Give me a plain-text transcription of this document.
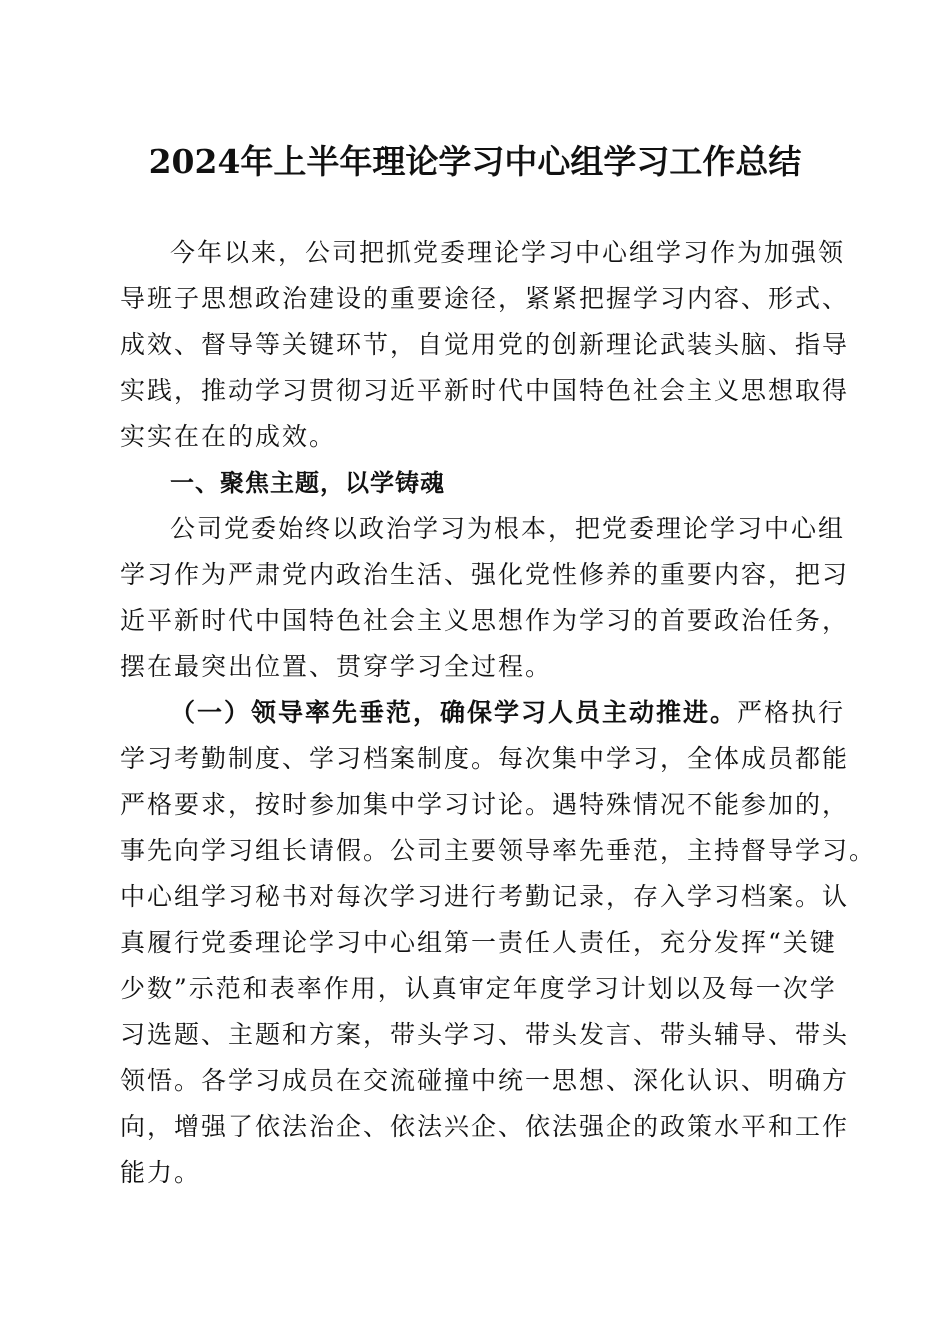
2024年上半年理论学习中心组学习工作总结
今年以来，公司把抓党委理论学习中心组学习作为加强领
导班子思想政治建设的重要途径，紧紧把握学习内容、形式、
成效、督导等关键环节，自觉用党的创新理论武装头脑、指导
实践，推动学习贯彻习近平新时代中国特色社会主义思想取得
实实在在的成效。
一、聚焦主题，以学铸魂
公司党委始终以政治学习为根本，把党委理论学习中心组
学习作为严肃党内政治生活、强化党性修养的重要内容，把习
近平新时代中国特色社会主义思想作为学习的首要政治任务，
摆在最突出位置、贯穿学习全过程。
（一）领导率先垂范，确保学习人员主动推进。严格执行
学习考勤制度、学习档案制度。每次集中学习，全体成员都能
严格要求，按时参加集中学习讨论。遇特殊情况不能参加的，
事先向学习组长请假。公司主要领导率先垂范，主持督导学习。
中心组学习秘书对每次学习进行考勤记录，存入学习档案。认
真履行党委理论学习中心组第一责任人责任，充分发挥“关键
少数”示范和表率作用，认真审定年度学习计划以及每一次学
习选题、主题和方案，带头学习、带头发言、带头辅导、带头
领悟。各学习成员在交流碰撞中统一思想、深化认识、明确方
向，增强了依法治企、依法兴企、依法强企的政策水平和工作
能力。
